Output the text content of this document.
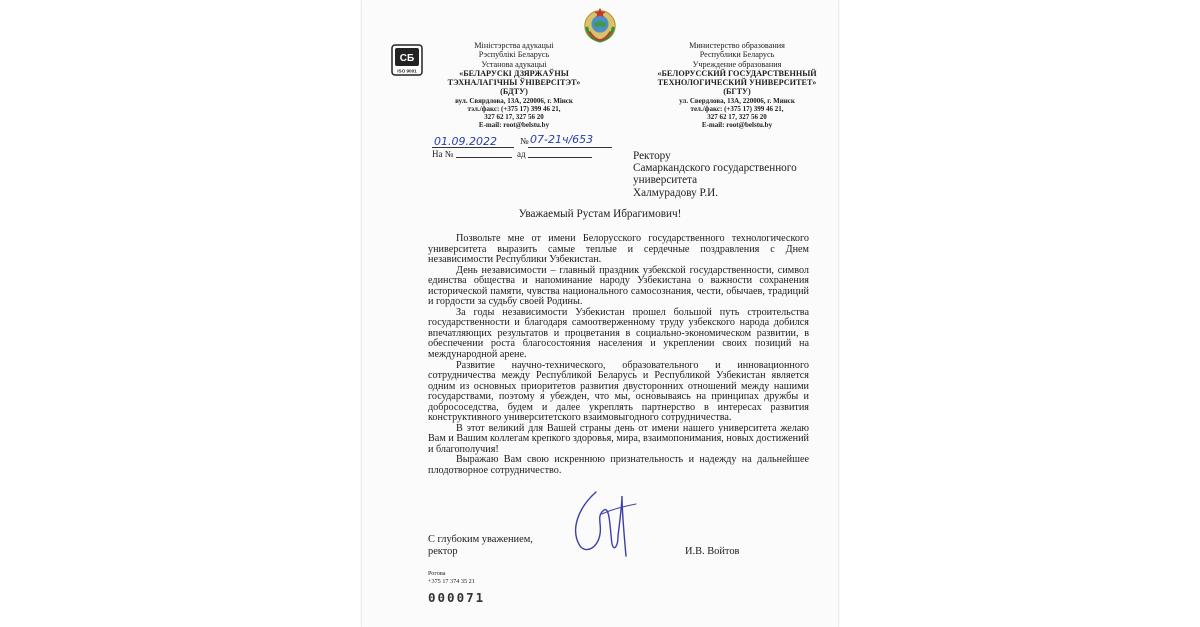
СБ
ISO 9001
Міністэрства адукацыі
Рэспублікі Беларусь
Установа адукацыі
«БЕЛАРУСКІ ДЗЯРЖАЎНЫ
ТЭХНАЛАГІЧНЫ ЎНІВЕРСІТЭТ»
(БДТУ)
вул. Свярдлова, 13А, 220006, г. Мінск
тэл./факс: (+375 17) 399 46 21,
327 62 17, 327 56 20
E-mail: root@belstu.by
Министерство образования
Республики Беларусь
Учреждение образования
«БЕЛОРУССКИЙ ГОСУДАРСТВЕННЫЙ
ТЕХНОЛОГИЧЕСКИЙ УНИВЕРСИТЕТ»
(БГТУ)
ул. Свердлова, 13А, 220006, г. Минск
тел./факс: (+375 17) 399 46 21,
327 62 17, 327 56 20
E-mail: root@belstu.by
01.09.2022	№ 07-21ч/653
На №	ад	Ректору
Самаркандского государственного
университета
Халмурадову Р.И.
Уважаемый Рустам Ибрагимович!

Позвольте мне от имени Белорусского государственного технологического университета выразить самые теплые и сердечные поздравления с Днем независимости Республики Узбекистан.

День независимости – главный праздник узбекской государственности, символ единства общества и напоминание народу Узбекистана о важности сохранения исторической памяти, чувства национального самосознания, чести, обычаев, традиций и гордости за судьбу своей Родины.

За годы независимости Узбекистан прошел большой путь строительства государственности и благодаря самоотверженному труду узбекского народа добился впечатляющих результатов и процветания в социально-экономическом развитии, в обеспечении роста благосостояния населения и укреплении своих позиций на международной арене.

Развитие научно-технического, образовательного и инновационного сотрудничества между Республикой Беларусь и Республикой Узбекистан является одним из основных приоритетов развития двусторонних отношений между нашими государствами, поэтому я убежден, что мы, основываясь на принципах дружбы и добрососедства, будем и далее укреплять партнерство в интересах развития конструктивного университетского взаимовыгодного сотрудничества.

В этот великий для Вашей страны день от имени нашего университета желаю Вам и Вашим коллегам крепкого здоровья, мира, взаимопонимания, новых достижений и благополучия!

Выражаю Вам свою искреннюю признательность и надежду на дальнейшее плодотворное сотрудничество.

С глубоким уважением,
ректор	И.В. Войтов
Рогова
+375 17 374 35 21
000071
